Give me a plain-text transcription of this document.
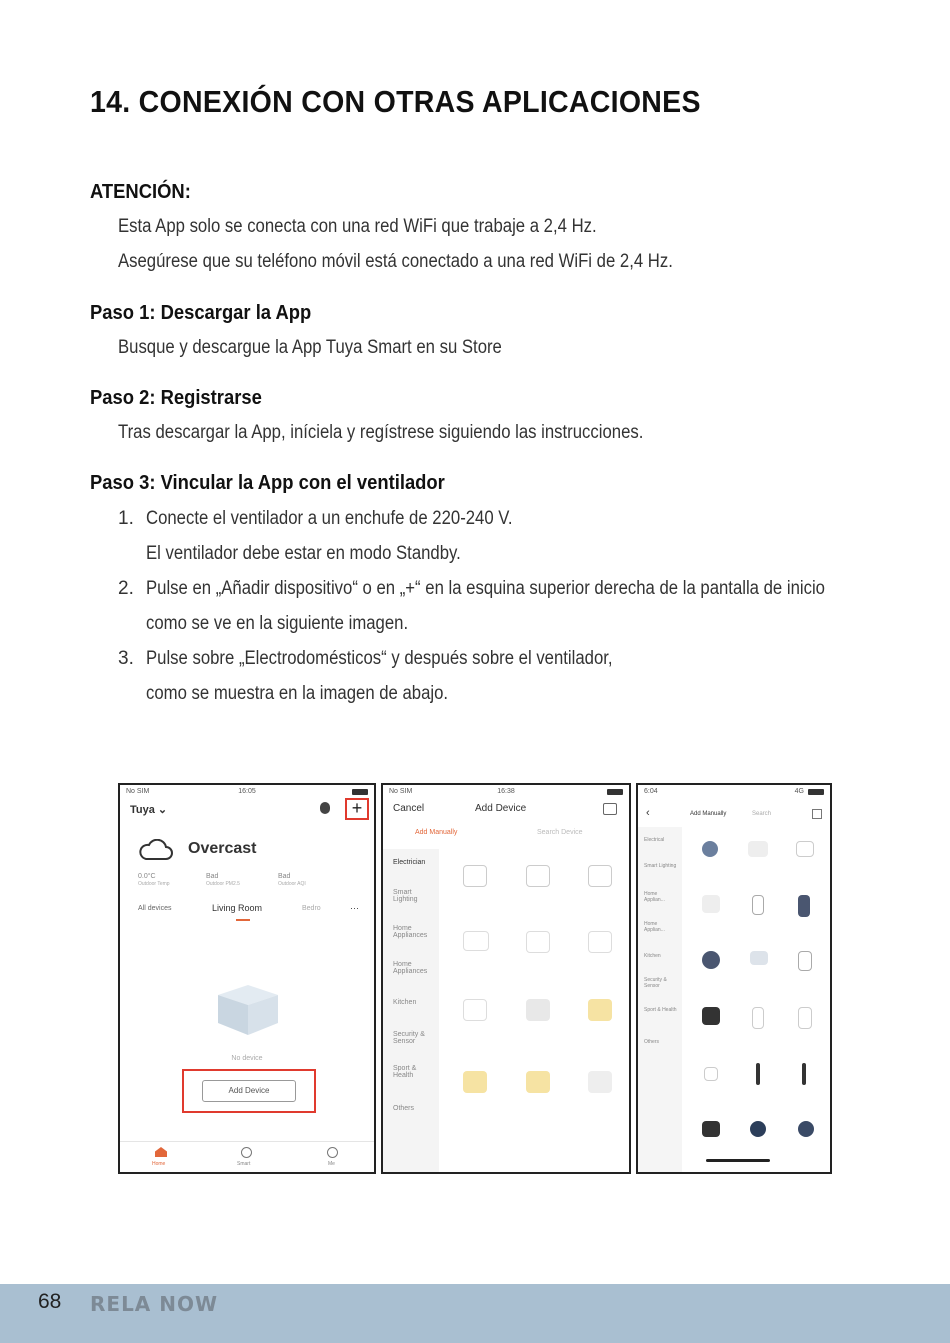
14. CONEXIÓN CON OTRAS APLICACIONES
ATENCIÓN:
Esta App solo se conecta con una red WiFi que trabaje a 2,4 Hz.
Asegúrese que su teléfono móvil está conectado a una red WiFi de 2,4 Hz.
Paso 1: Descargar la App
Busque y descargue la App Tuya Smart en su Store
Paso 2: Registrarse
Tras descargar la App, iníciela y regístrese siguiendo las instrucciones.
Paso 3: Vincular la App con el ventilador
1. Conecte el ventilador a un enchufe de 220-240 V.
El ventilador debe estar en modo Standby.
2. Pulse en „Añadir dispositivo“ o en „+“ en la esquina superior derecha de la pantalla de inicio
como se ve en la siguiente imagen.
3. Pulse sobre „Electrodomésticos“ y después sobre el ventilador,
como se muestra en la imagen de abajo.
No SIM	16:05
Tuya ⌄	+
Overcast
0.0°C	Bad	Bad
Outdoor Temp	Outdoor PM2.5	Outdoor AQI
All devices	Living Room	Bedro	···
No device
Add Device
Home	Smart	Me
No SIM	16:38
Cancel	Add Device
Add Manually	Search Device
Electrician
Smart Lighting
Home Appliances
Home Appliances
Kitchen
Security & Sensor
Sport & Health
Others
6:04	4G
‹	Add Manually	Search
Electrical
Smart Lighting
Home Applian...
Home Applian...
Kitchen
Security & Sensor
Sport & Health
Others
68 RELA NOW
